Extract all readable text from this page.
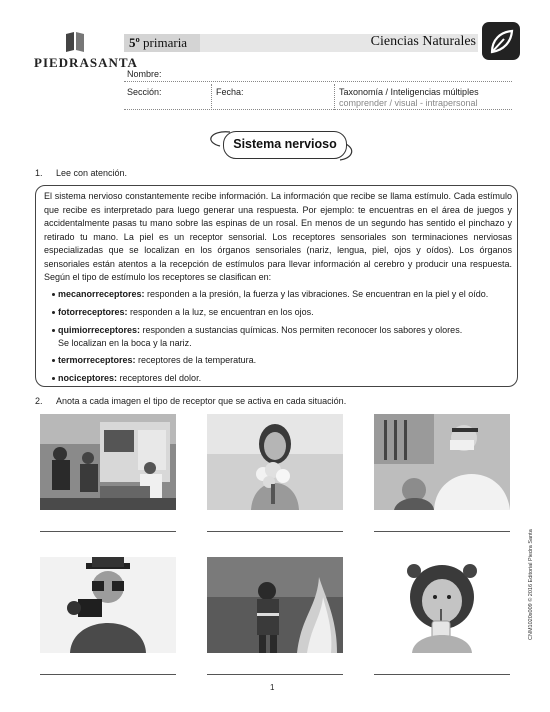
PIEDRASANTA
5º primaria	Ciencias Naturales
Nombre:
Sección:	Fecha:	Taxonomía / Inteligencias múltiples
comprender / visual - intrapersonal
Sistema nervioso
1. Lee con atención.
El sistema nervioso constantemente recibe información. La información que recibe se llama estímulo. Cada estímulo que recibe es interpretado para luego generar una respuesta. Por ejemplo: te encuentras en el área de juegos y accidentalmente pasas tu mano sobre las espinas de un rosal. En menos de un segundo has sentido el pinchazo y retirado tu mano. La piel es un receptor sensorial. Los receptores sensoriales son terminaciones nerviosas especializadas que se localizan en los órganos sensoriales (nariz, lengua, piel, ojos y oídos). Los órganos sensoriales están atentos a la recepción de estímulos para llevar información al cerebro y producir una respuesta. Según el tipo de estímulo los receptores se clasifican en:
mecanorreceptores: responden a la presión, la fuerza y las vibraciones. Se encuentran en la piel y el oído.
fotorreceptores: responden a la luz, se encuentran en los ojos.
quimiorreceptores: responden a sustancias químicas. Nos permiten reconocer los sabores y olores.
Se localizan en la boca y la nariz.
termorreceptores: receptores de la temperatura.
nociceptores: receptores del dolor.
2. Anota a cada imagen el tipo de receptor que se activa en cada situación.
CNM1020s009 © 2016 Editorial Piedra Santa
1
